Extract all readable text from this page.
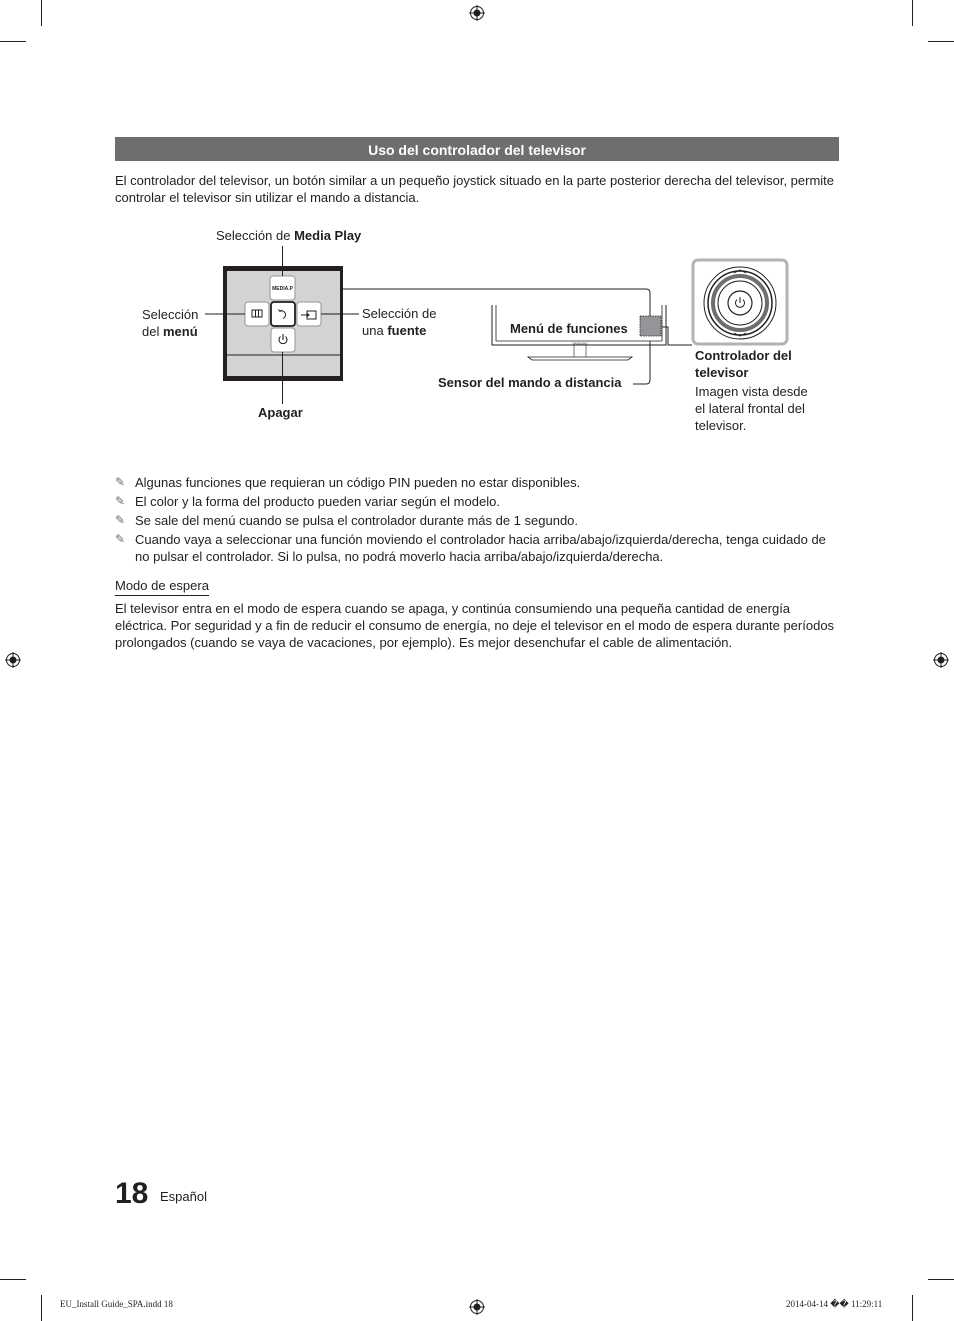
Uso del controlador del televisor
El controlador del televisor, un botón similar a un pequeño joystick situado en la parte posterior derecha del televisor, permite controlar el televisor sin utilizar el mando a distancia.
MEDIA.P
SAMSUNG
Selección de Media Play
Selección
del menú
Selección de
una fuente
Apagar
Menú de funciones
Sensor del mando a distancia
Controlador del televisor
Imagen vista desde el lateral frontal del televisor.
✎ Algunas funciones que requieran un código PIN pueden no estar disponibles.
✎ El color y la forma del producto pueden variar según el modelo.
✎ Se sale del menú cuando se pulsa el controlador durante más de 1 segundo.
✎ Cuando vaya a seleccionar una función moviendo el controlador hacia arriba/abajo/izquierda/derecha, tenga cuidado de no pulsar el controlador. Si lo pulsa, no podrá moverlo hacia arriba/abajo/izquierda/derecha.
Modo de espera
El televisor entra en el modo de espera cuando se apaga, y continúa consumiendo una pequeña cantidad de energía eléctrica. Por seguridad y a fin de reducir el consumo de energía, no deje el televisor en el modo de espera durante períodos prolongados (cuando se vaya de vacaciones, por ejemplo). Es mejor desenchufar el cable de alimentación.
18 Español
EU_Install Guide_SPA.indd 18	2014-04-14 �� 11:29:11
